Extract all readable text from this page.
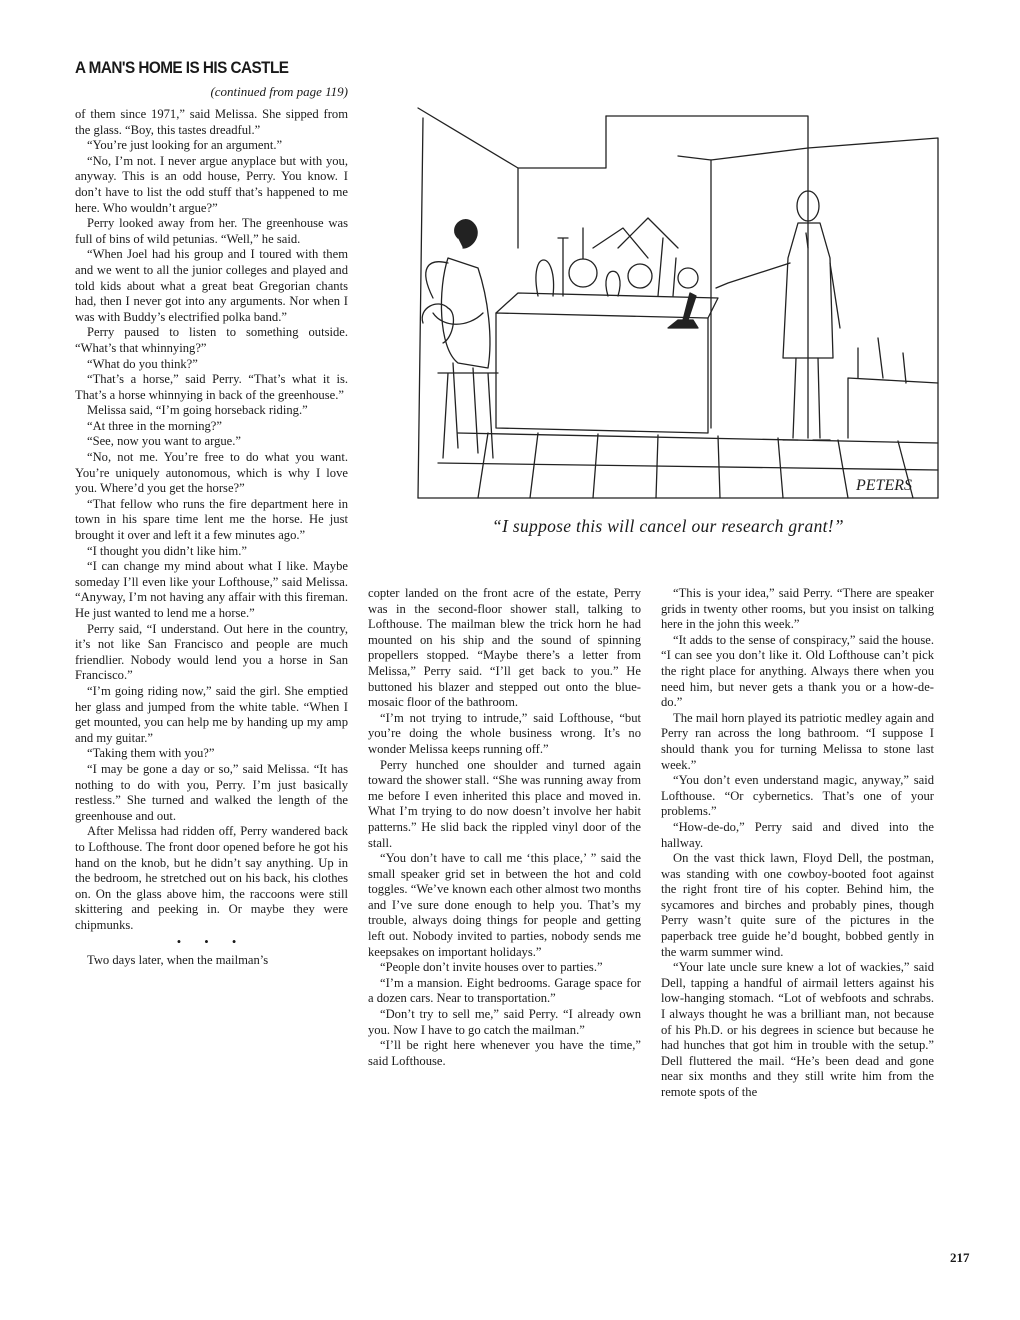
A MAN'S HOME IS HIS CASTLE
(continued from page 119)

of them since 1971,” said Melissa. She sipped from the glass. “Boy, this tastes dreadful.”

“You’re just looking for an argument.”

“No, I’m not. I never argue anyplace but with you, anyway. This is an odd house, Perry. You know. I don’t have to list the odd stuff that’s happened to me here. Who wouldn’t argue?”

Perry looked away from her. The greenhouse was full of bins of wild petunias. “Well,” he said.

“When Joel had his group and I toured with them and we went to all the junior colleges and played and told kids about what a great beat Gregorian chants had, then I never got into any arguments. Nor when I was with Buddy’s electrified polka band.”

Perry paused to listen to something outside. “What’s that whinnying?”

“What do you think?”

“That’s a horse,” said Perry. “That’s what it is. That’s a horse whinnying in back of the greenhouse.”

Melissa said, “I’m going horseback riding.”

“At three in the morning?”

“See, now you want to argue.”

“No, not me. You’re free to do what you want. You’re uniquely autonomous, which is why I love you. Where’d you get the horse?”

“That fellow who runs the fire department here in town in his spare time lent me the horse. He just brought it over and left it a few minutes ago.”

“I thought you didn’t like him.”

“I can change my mind about what I like. Maybe someday I’ll even like your Lofthouse,” said Melissa. “Anyway, I’m not having any affair with this fireman. He just wanted to lend me a horse.”

Perry said, “I understand. Out here in the country, it’s not like San Francisco and people are much friendlier. Nobody would lend you a horse in San Francisco.”

“I’m going riding now,” said the girl. She emptied her glass and jumped from the white table. “When I get mounted, you can help me by handing up my amp and my guitar.”

“Taking them with you?”

“I may be gone a day or so,” said Melissa. “It has nothing to do with you, Perry. I’m just basically restless.” She turned and walked the length of the greenhouse and out.

After Melissa had ridden off, Perry wandered back to Lofthouse. The front door opened before he got his hand on the knob, but he didn’t say anything. Up in the bedroom, he stretched out on his back, his clothes on. On the glass above him, the raccoons were still skittering and peeking in. Or maybe they were chipmunks.

• • •

Two days later, when the mailman’s

PETERS
“I suppose this will cancel our research grant!”

copter landed on the front acre of the estate, Perry was in the second-floor shower stall, talking to Lofthouse. The mailman blew the trick horn he had mounted on his ship and the sound of spinning propellers stopped. “Maybe there’s a letter from Melissa,” Perry said. “I’ll get back to you.” He buttoned his blazer and stepped out onto the blue-mosaic floor of the bathroom.

“I’m not trying to intrude,” said Lofthouse, “but you’re doing the whole business wrong. It’s no wonder Melissa keeps running off.”

Perry hunched one shoulder and turned again toward the shower stall. “She was running away from me before I even inherited this place and moved in. What I’m trying to do now doesn’t involve her habit patterns.” He slid back the rippled vinyl door of the stall.

“You don’t have to call me ‘this place,’ ” said the small speaker grid set in between the hot and cold toggles. “We’ve known each other almost two months and I’ve sure done enough to help you. That’s my trouble, always doing things for people and getting left out. Nobody invited to parties, nobody sends me keepsakes on important holidays.”

“People don’t invite houses over to parties.”

“I’m a mansion. Eight bedrooms. Garage space for a dozen cars. Near to transportation.”

“Don’t try to sell me,” said Perry. “I already own you. Now I have to go catch the mailman.”

“I’ll be right here whenever you have the time,” said Lofthouse.

“This is your idea,” said Perry. “There are speaker grids in twenty other rooms, but you insist on talking here in the john this week.”

“It adds to the sense of conspiracy,” said the house. “I can see you don’t like it. Old Lofthouse can’t pick the right place for anything. Always there when you need him, but never gets a thank you or a how-de-do.”

The mail horn played its patriotic medley again and Perry ran across the long bathroom. “I suppose I should thank you for turning Melissa to stone last week.”

“You don’t even understand magic, anyway,” said Lofthouse. “Or cybernetics. That’s one of your problems.”

“How-de-do,” Perry said and dived into the hallway.

On the vast thick lawn, Floyd Dell, the postman, was standing with one cowboy-booted foot against the right front tire of his copter. Behind him, the sycamores and birches and probably pines, though Perry wasn’t quite sure of the pictures in the paperback tree guide he’d bought, bobbed gently in the warm summer wind.

“Your late uncle sure knew a lot of wackies,” said Dell, tapping a handful of airmail letters against his low-hanging stomach. “Lot of webfoots and schrabs. I always thought he was a brilliant man, not because of his Ph.D. or his degrees in science but because he had hunches that got him in trouble with the setup.” Dell fluttered the mail. “He’s been dead and gone near six months and they still write him from the remote spots of the

217
